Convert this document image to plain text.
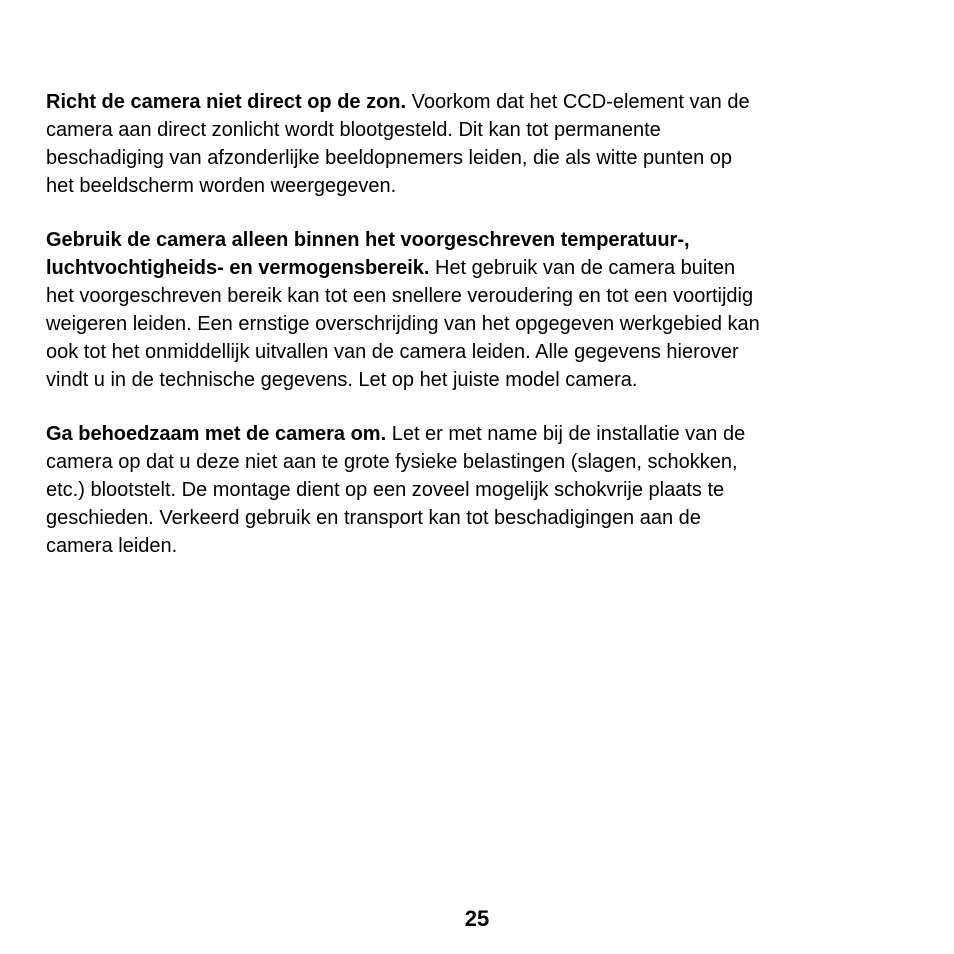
Richt de camera niet direct op de zon. Voorkom dat het CCD-element van de
camera aan direct zonlicht wordt blootgesteld. Dit kan tot permanente
beschadiging van afzonderlijke beeldopnemers leiden, die als witte punten op
het beeldscherm worden weergegeven.

Gebruik de camera alleen binnen het voorgeschreven temperatuur-,
luchtvochtigheids- en vermogensbereik. Het gebruik van de camera buiten
het voorgeschreven bereik kan tot een snellere veroudering en tot een voortijdig
weigeren leiden. Een ernstige overschrijding van het opgegeven werkgebied kan
ook tot het onmiddellijk uitvallen van de camera leiden. Alle gegevens hierover
vindt u in de technische gegevens. Let op het juiste model camera.

Ga behoedzaam met de camera om. Let er met name bij de installatie van de
camera op dat u deze niet aan te grote fysieke belastingen (slagen, schokken,
etc.) blootstelt. De montage dient op een zoveel mogelijk schokvrije plaats te
geschieden. Verkeerd gebruik en transport kan tot beschadigingen aan de
camera leiden.

25
